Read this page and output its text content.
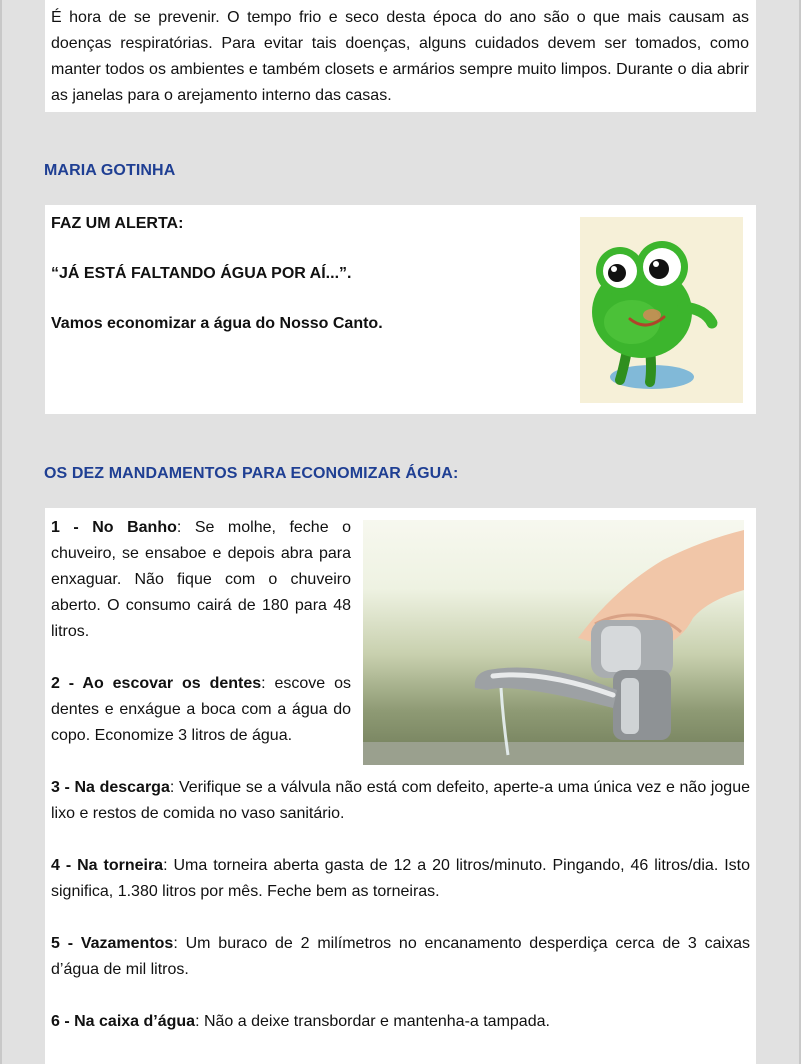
É hora de se prevenir. O tempo frio e seco desta época do ano são o que mais causam as doenças respiratórias. Para evitar tais doenças, alguns cuidados devem ser tomados, como manter todos os ambientes e também closets e armários sempre muito limpos. Durante o dia abrir as janelas para o arejamento interno das casas.

MARIA GOTINHA

FAZ UM ALERTA:

“JÁ ESTÁ FALTANDO ÁGUA POR AÍ...”.

Vamos economizar a água do Nosso Canto.

OS DEZ MANDAMENTOS PARA ECONOMIZAR ÁGUA:

1 - No Banho: Se molhe, feche o chuveiro, se ensaboe e depois abra para enxaguar. Não fique com o chuveiro aberto. O consumo cairá de 180 para 48 litros.

2 - Ao escovar os dentes: escove os dentes e enxágue a boca com a água do copo. Economize 3 litros de água.

3 - Na descarga: Verifique se a válvula não está com defeito, aperte-a uma única vez e não jogue lixo e restos de comida no vaso sanitário.

4 - Na torneira: Uma torneira aberta gasta de 12 a 20 litros/minuto. Pingando, 46 litros/dia. Isto significa, 1.380 litros por mês. Feche bem as torneiras.

5 - Vazamentos: Um buraco de 2 milímetros no encanamento desperdiça cerca de 3 caixas d’água de mil litros.

6 - Na caixa d’água: Não a deixe transbordar e mantenha-a tampada.
